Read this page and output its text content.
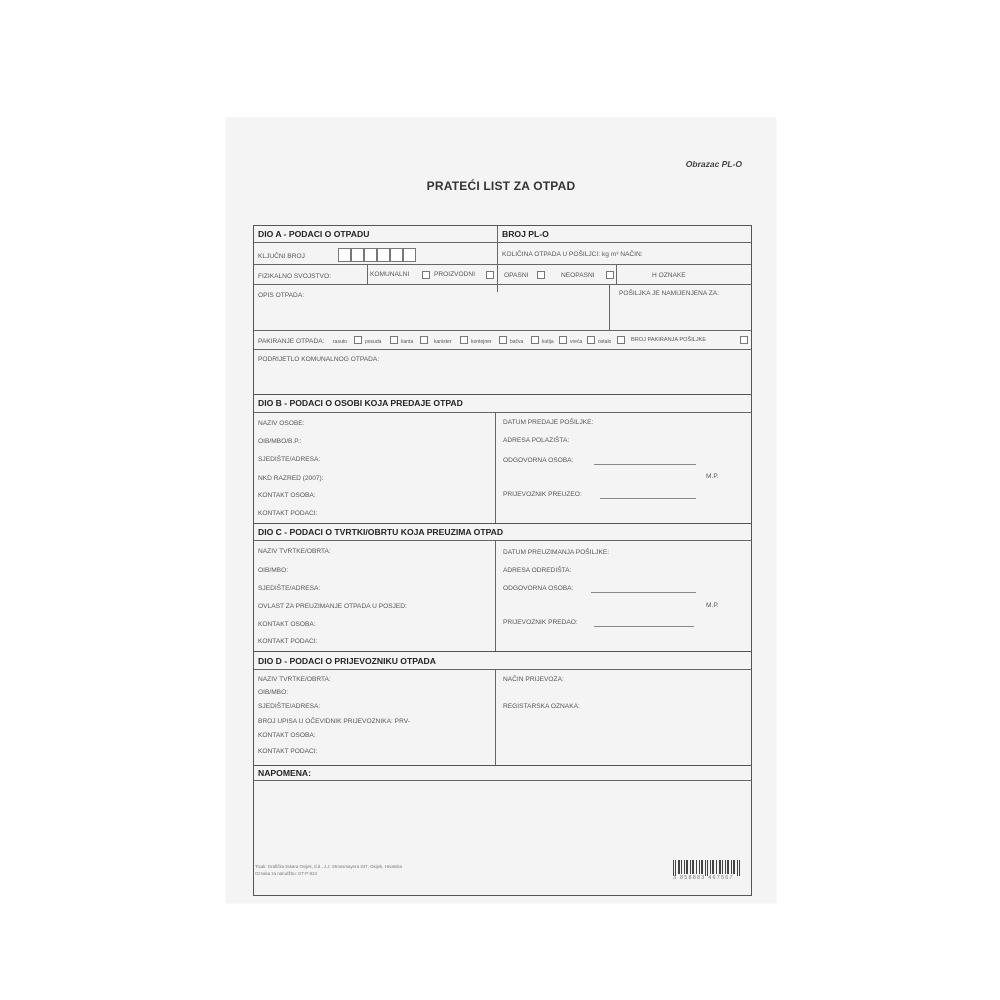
Obrazac PL-O
PRATEĆI LIST ZA OTPAD
DIO A - PODACI O OTPADU	BROJ PL-O
KLJUČNI BROJ	KOLIČINA OTPADA U POŠILJCI: kg m³ NAČIN:
FIZIKALNO SVOJSTVO:	KOMUNALNI	PROIZVODNI	OPASNI	NEOPASNI	H OZNAKE
OPIS OTPADA:	POŠILJKA JE NAMIJENJENA ZA:
PAKIRANJE OTPADA: rasuto	posuda	kanta	kanister	kontejner	bačva	kutija	vreća	ostalo	BROJ PAKIRANJA POŠILJKE
PODRIJETLO KOMUNALNOG OTPADA:
DIO B - PODACI O OSOBI KOJA PREDAJE OTPAD
NAZIV OSOBE:
OIB/MBO/B.P.:
SJEDIŠTE/ADRESA:
NKD RAZRED (2007):
KONTAKT OSOBA:
KONTAKT PODACI:
DATUM PREDAJE POŠILJKE:
ADRESA POLAZIŠTA:
ODGOVORNA OSOBA:
M.P.
PRIJEVOZNIK PREUZEO:
DIO C - PODACI O TVRTKI/OBRTU KOJA PREUZIMA OTPAD
NAZIV TVRTKE/OBRTA:
OIB/MBO:
SJEDIŠTE/ADRESA:
OVLAST ZA PREUZIMANJE OTPADA U POSJED:
KONTAKT OSOBA:
KONTAKT PODACI:
DATUM PREUZIMANJA POŠILJKE:
ADRESA ODREDIŠTA:
ODGOVORNA OSOBA:
M.P.
PRIJEVOZNIK PREDAO:
DIO D - PODACI O PRIJEVOZNIKU OTPADA
NAZIV TVRTKE/OBRTA:
OIB/MBO:
SJEDIŠTE/ADRESA:
BROJ UPISA U OČEVIDNIK PRIJEVOZNIKA: PRV-
KONTAKT OSOBA:
KONTAKT PODACI:
NAČIN PRIJEVOZA:
REGISTARSKA OZNAKA:
NAPOMENA:
Tisak: Grafička tiskara Osijek, d.d., J.J. Strossmayera 337, Osijek, Hrvatska
Oznaka za narudžbu: GT-P-824
3 858883 467567
